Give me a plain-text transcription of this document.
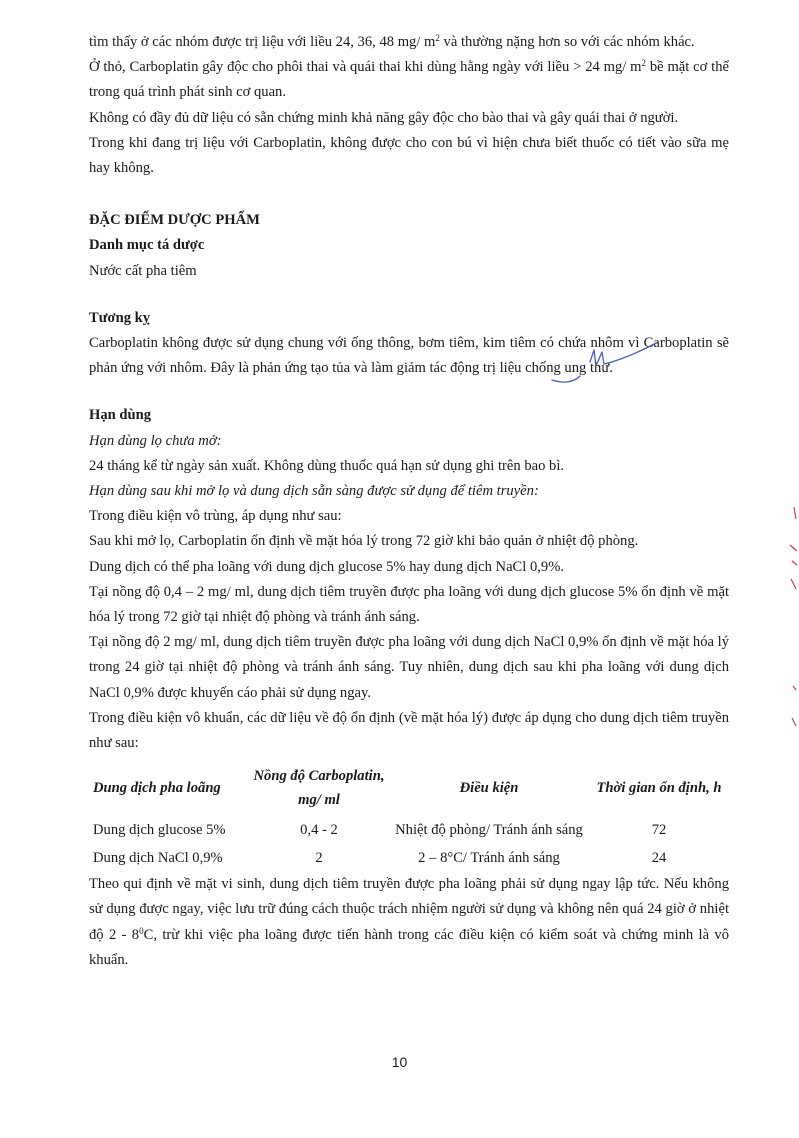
tìm thấy ở các nhóm được trị liệu với liều 24, 36, 48 mg/ $m^2$ và thường nặng hơn so với các nhóm khác.

Ở thỏ, Carboplatin gây độc cho phôi thai và quái thai khi dùng hằng ngày với liều > 24 mg/ $m^2$ bề mặt cơ thể trong quá trình phát sinh cơ quan.

Không có đầy đủ dữ liệu có sẵn chứng minh khả năng gây độc cho bào thai và gây quái thai ở người.

Trong khi đang trị liệu với Carboplatin, không được cho con bú vì hiện chưa biết thuốc có tiết vào sữa mẹ hay không.

ĐẶC ĐIỂM DƯỢC PHẨM

Danh mục tá dược

Nước cất pha tiêm

Tương kỵ

Carboplatin không được sử dụng chung với ống thông, bơm tiêm, kim tiêm có chứa nhôm vì Carboplatin sẽ phản ứng với nhôm. Đây là phản ứng tạo tủa và làm giảm tác động trị liệu chống ung thư.

Hạn dùng

Hạn dùng lọ chưa mở:

24 tháng kể từ ngày sản xuất. Không dùng thuốc quá hạn sử dụng ghi trên bao bì.

Hạn dùng sau khi mở lọ và dung dịch sẵn sàng được sử dụng để tiêm truyền:

Trong điều kiện vô trùng, áp dụng như sau:

Sau khi mở lọ, Carboplatin ổn định về mặt hóa lý trong 72 giờ khi bảo quản ở nhiệt độ phòng.

Dung dịch có thể pha loãng với dung dịch glucose 5% hay dung dịch NaCl 0,9%.

Tại nồng độ 0,4 – 2 mg/ ml, dung dịch tiêm truyền được pha loãng với dung dịch glucose 5% ổn định về mặt hóa lý trong 72 giờ tại nhiệt độ phòng và tránh ánh sáng.

Tại nồng độ 2 mg/ ml, dung dịch tiêm truyền được pha loãng với dung dịch NaCl 0,9% ổn định về mặt hóa lý trong 24 giờ tại nhiệt độ phòng và tránh ánh sáng. Tuy nhiên, dung dịch sau khi pha loãng với dung dịch NaCl 0,9% được khuyến cáo phải sử dụng ngay.

Trong điều kiện vô khuẩn, các dữ liệu về độ ổn định (về mặt hóa lý) được áp dụng cho dung dịch tiêm truyền như sau:

Dung dịch pha loãng	Nồng độ Carboplatin, mg/ ml	Điều kiện	Thời gian ổn định, h
Dung dịch glucose 5%	0,4 - 2	Nhiệt độ phòng/ Tránh ánh sáng	72
Dung dịch NaCl 0,9%	2	2 – 8°C/ Tránh ánh sáng	24

Theo qui định về mặt vi sinh, dung dịch tiêm truyền được pha loãng phải sử dụng ngay lập tức. Nếu không sử dụng được ngay, việc lưu trữ đúng cách thuộc trách nhiệm người sử dụng và không nên quá 24 giờ ở nhiệt độ $2 - 8^0C$, trừ khi việc pha loãng được tiến hành trong các điều kiện có kiểm soát và chứng minh là vô khuẩn.

10
